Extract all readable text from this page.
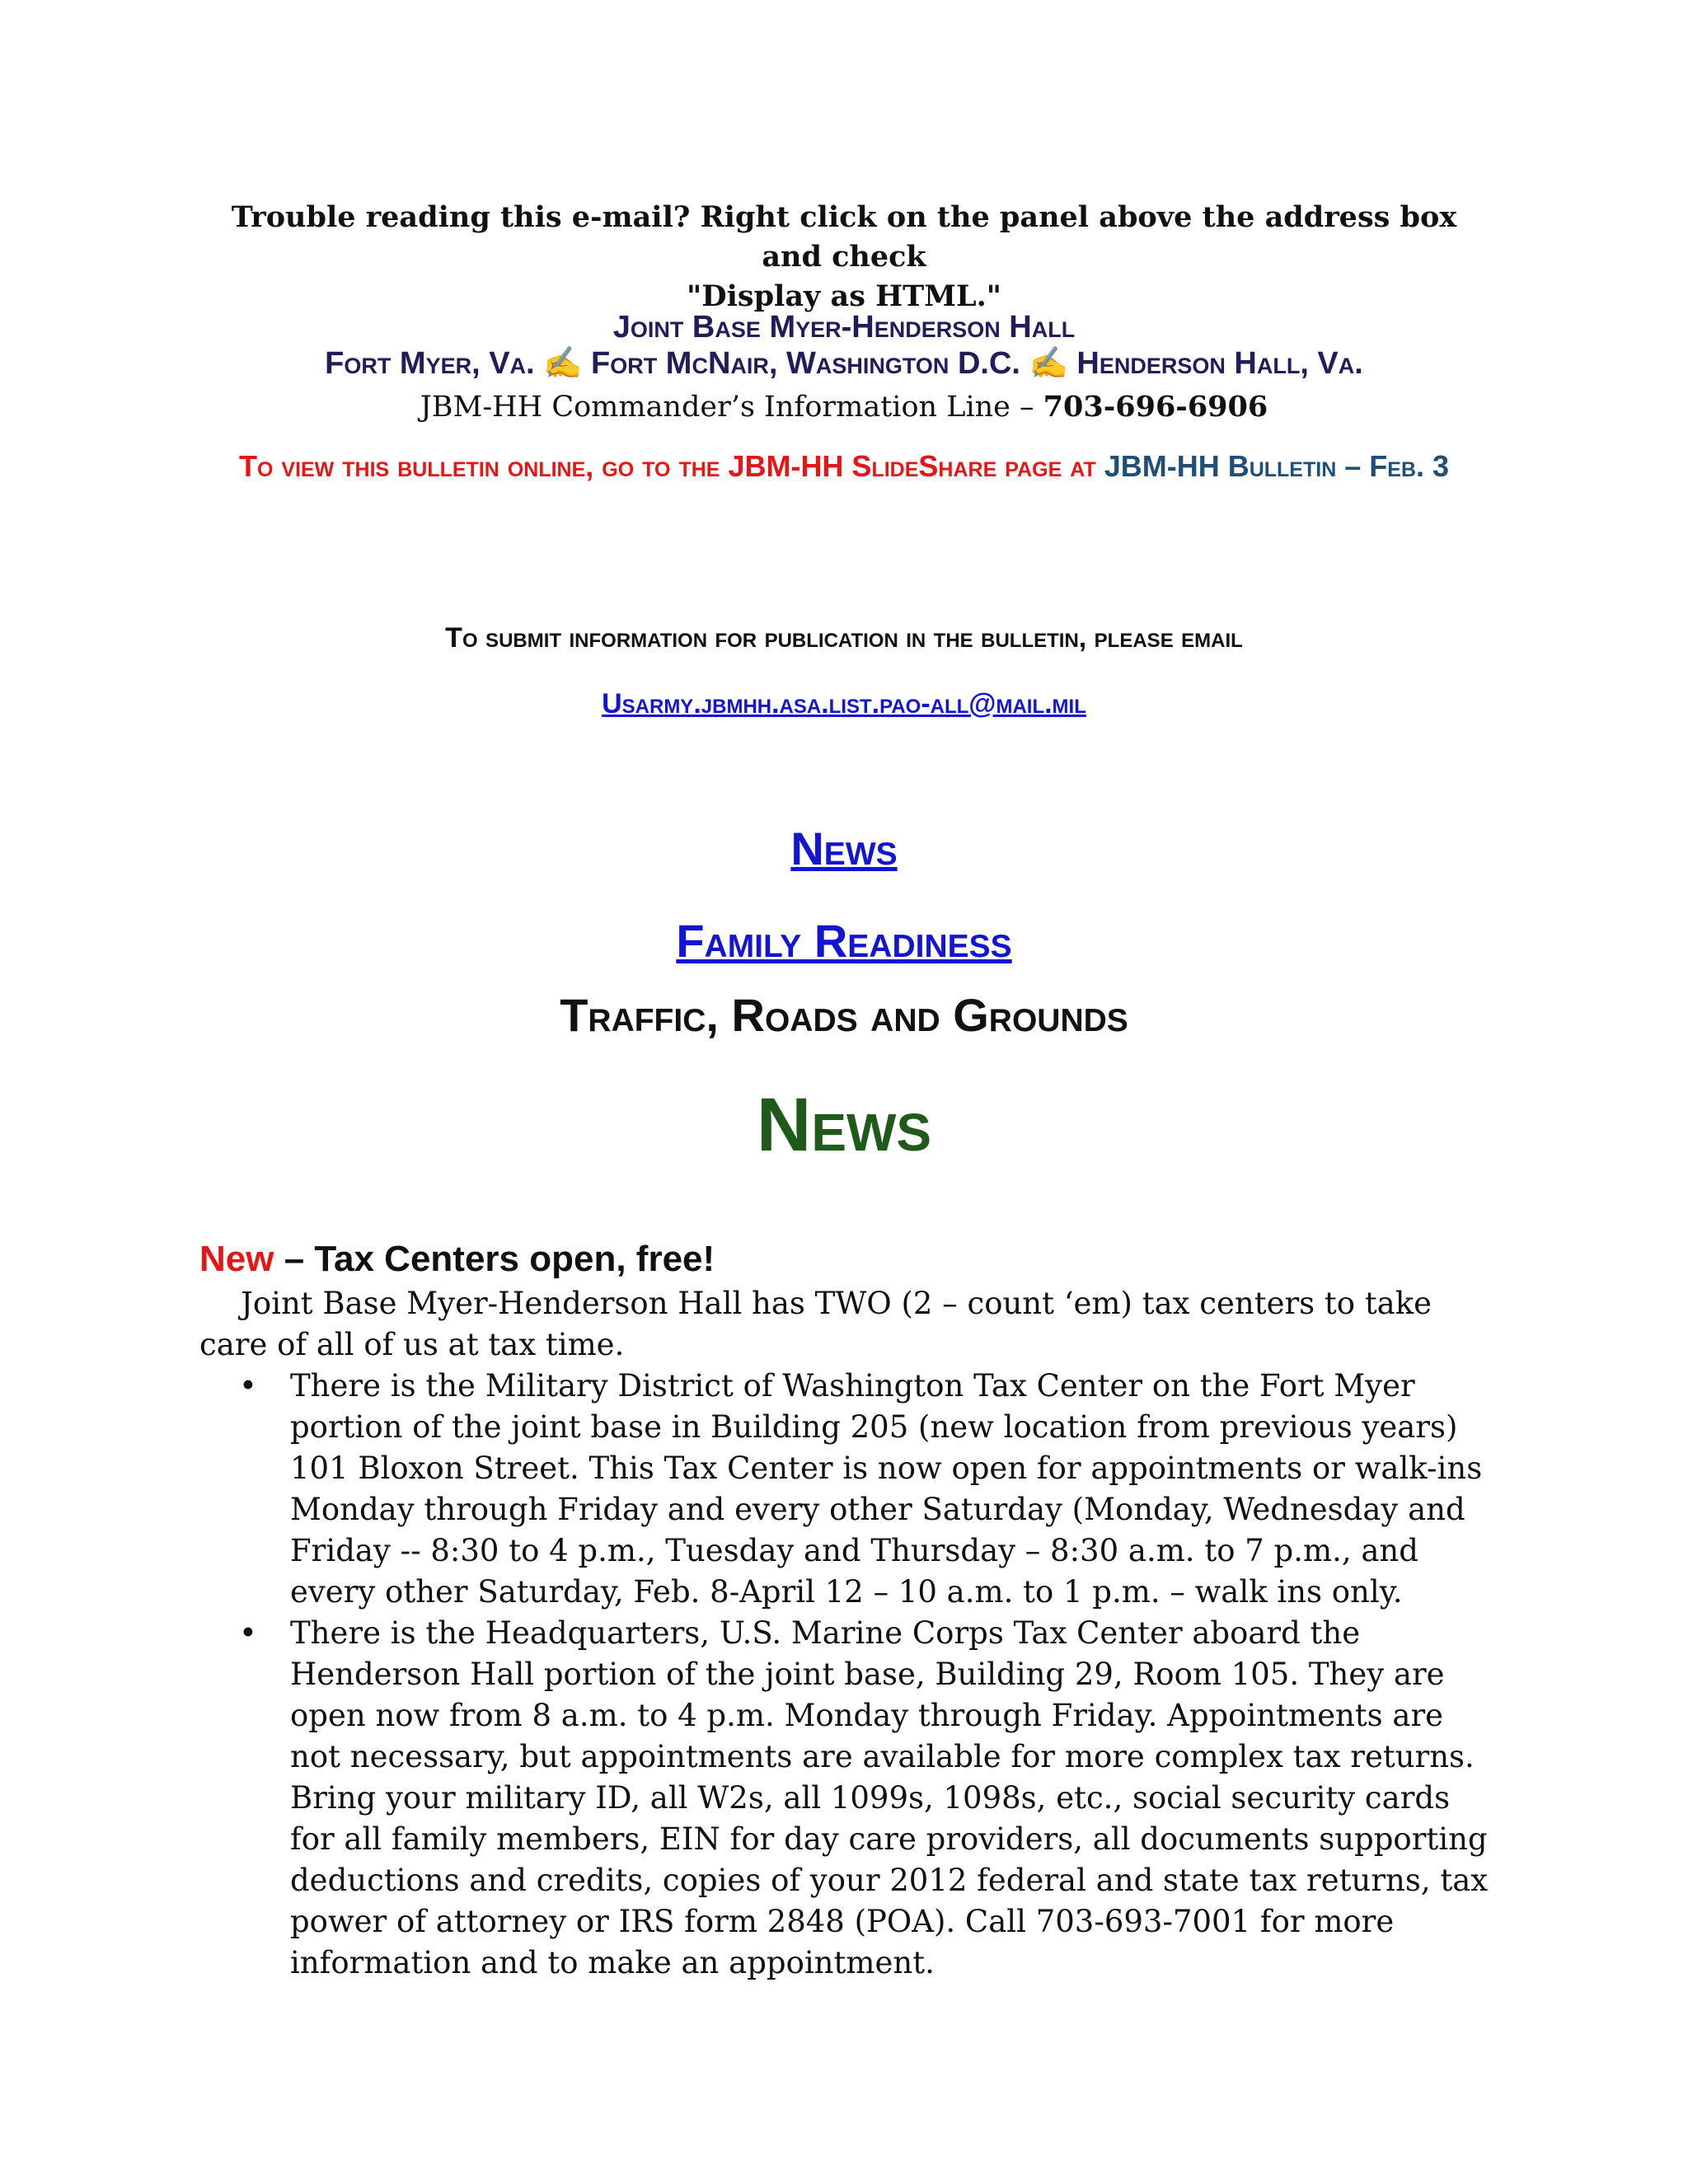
Trouble reading this e-mail? Right click on the panel above the address box and check
"Display as HTML."
Joint Base Myer-Henderson Hall
Fort Myer, Va. ✍ Fort McNair, Washington D.C. ✍ Henderson Hall, Va.
JBM-HH Commander’s Information Line – 703-696-6906
To view this bulletin online, go to the JBM-HH SlideShare page at JBM-HH Bulletin – Feb. 3
To submit information for publication in the bulletin, please email
Usarmy.jbmhh.asa.list.pao-all@mail.mil
News
Family Readiness
Traffic, Roads and Grounds
News
New – Tax Centers open, free!
Joint Base Myer-Henderson Hall has TWO (2 – count ‘em) tax centers to take care of all of us at tax time.
• There is the Military District of Washington Tax Center on the Fort Myer portion of the joint base in Building 205 (new location from previous years) 101 Bloxon Street. This Tax Center is now open for appointments or walk-ins Monday through Friday and every other Saturday (Monday, Wednesday and Friday -- 8:30 to 4 p.m., Tuesday and Thursday – 8:30 a.m. to 7 p.m., and every other Saturday, Feb. 8-April 12 – 10 a.m. to 1 p.m. – walk ins only.
• There is the Headquarters, U.S. Marine Corps Tax Center aboard the Henderson Hall portion of the joint base, Building 29, Room 105. They are open now from 8 a.m. to 4 p.m. Monday through Friday. Appointments are not necessary, but appointments are available for more complex tax returns. Bring your military ID, all W2s, all 1099s, 1098s, etc., social security cards for all family members, EIN for day care providers, all documents supporting deductions and credits, copies of your 2012 federal and state tax returns, tax power of attorney or IRS form 2848 (POA). Call 703-693-7001 for more information and to make an appointment.
